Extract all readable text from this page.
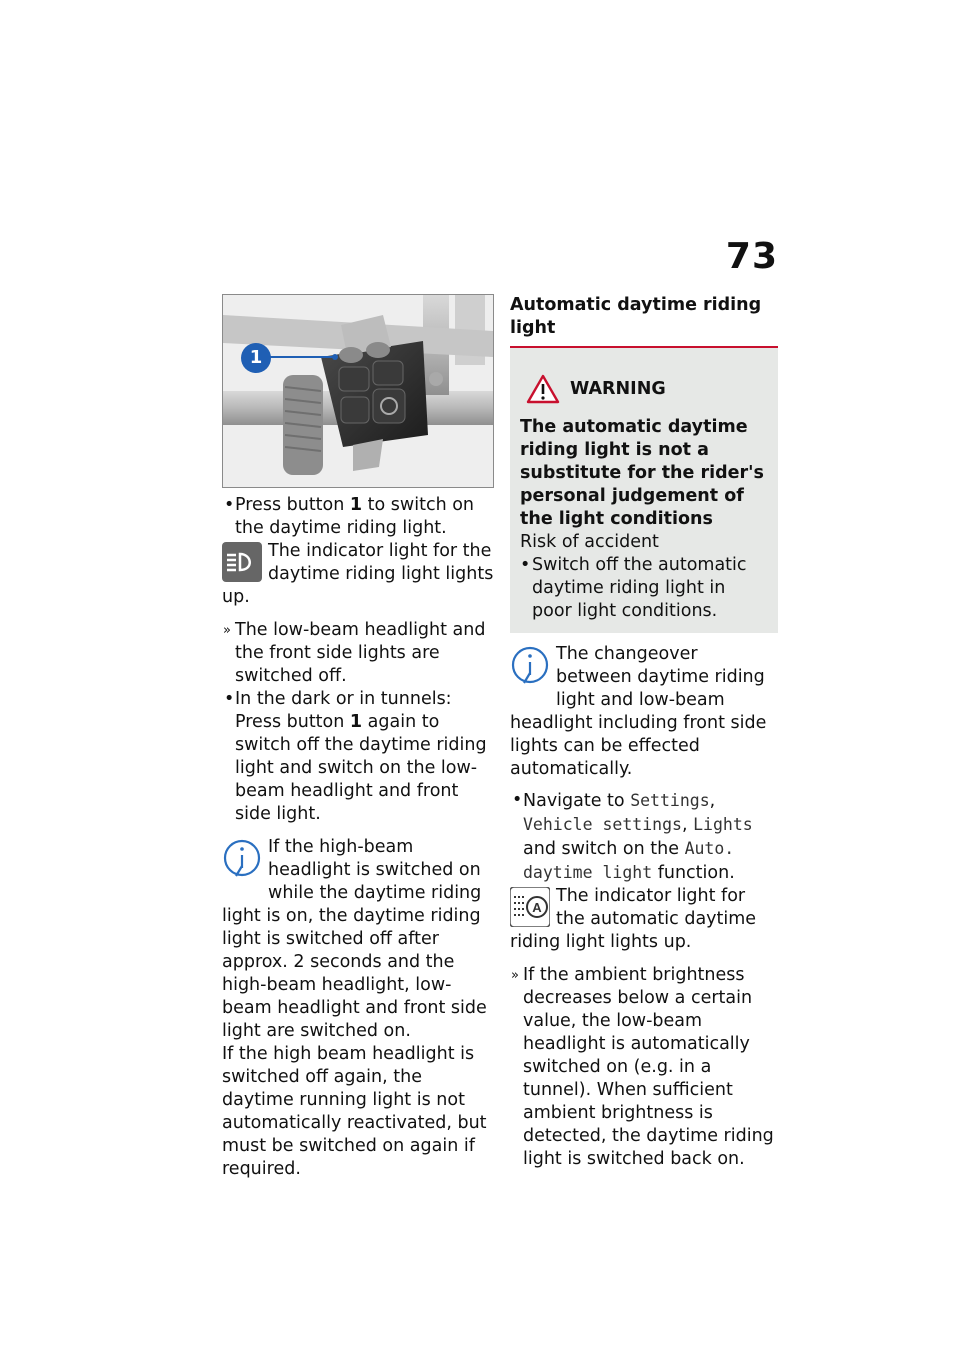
73
1
• Press button 1 to switch on the daytime riding light.
The indicator light for the daytime riding light lights up.
» The low-beam headlight and the front side lights are switched off.
• In the dark or in tunnels: Press button 1 again to switch off the daytime riding light and switch on the low-beam headlight and front side light.
If the high-beam headlight is switched on while the daytime riding light is on, the daytime riding light is switched off after approx. 2 seconds and the high-beam headlight, low-beam headlight and front side light are switched on.
If the high beam headlight is switched off again, the daytime running light is not automatically reactivated, but must be switched on again if required.
Automatic daytime riding light
WARNING
The automatic daytime riding light is not a substitute for the rider's personal judgement of the light conditions
Risk of accident
• Switch off the automatic daytime riding light in poor light conditions.
The changeover between daytime riding light and low-beam headlight including front side lights can be effected automatically.
• Navigate to Settings, Vehicle settings, Lights and switch on the Auto. daytime light function.
A
The indicator light for the automatic daytime riding light lights up.
» If the ambient brightness decreases below a certain value, the low-beam headlight is automatically switched on (e.g. in a tunnel). When sufficient ambient brightness is detected, the daytime riding light is switched back on.
